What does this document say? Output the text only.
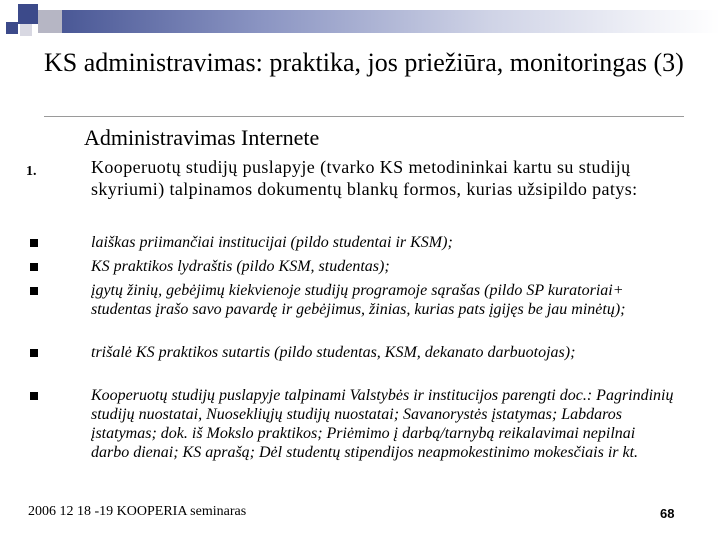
KS administravimas: praktika, jos priežiūra, monitoringas (3)
Administravimas Internete
1.	Kooperuotų studijų puslapyje (tvarko KS metodininkai kartu su studijų skyriumi) talpinamos dokumentų blankų formos, kurias užsipildo patys:

laiškas priimančiai institucijai (pildo studentai ir KSM);

KS praktikos lydraštis (pildo KSM, studentas);

įgytų žinių, gebėjimų kiekvienoje studijų programoje sąrašas (pildo SP kuratoriai+ studentas įrašo savo pavardę ir gebėjimus, žinias, kurias pats įgijęs be jau minėtų);

trišalė KS praktikos sutartis (pildo studentas, KSM, dekanato darbuotojas);

Kooperuotų studijų puslapyje talpinami Valstybės ir institucijos parengti doc.: Pagrindinių studijų nuostatai, Nuosekliųjų studijų nuostatai; Savanorystės įstatymas; Labdaros įstatymas; dok. iš Mokslo praktikos; Priėmimo į darbą/tarnybą reikalavimai nepilnai darbo dienai; KS aprašą; Dėl studentų stipendijos neapmokestinimo mokesčiais ir kt.

2006 12 18 -19 KOOPERIA seminaras	68
